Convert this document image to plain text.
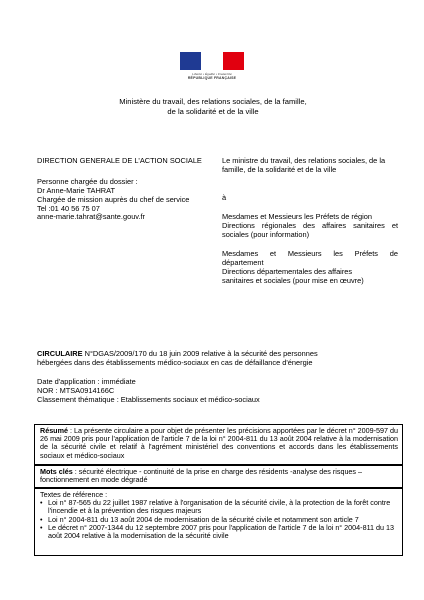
Liberté • Égalité • Fraternité
RÉPUBLIQUE FRANÇAISE
Ministère du travail, des relations sociales, de la famille,
de la solidarité et de la ville
DIRECTION GENERALE DE L'ACTION SOCIALE
Personne chargée du dossier :
Dr Anne-Marie TAHRAT
Chargée de mission auprès du chef de service
Tel :01 40 56 75 07
anne-marie.tahrat@sante.gouv.fr
Le ministre du travail, des relations sociales, de la
famille, de la solidarité et de la ville
à
Mesdames et Messieurs les Préfets de région
Directions régionales des affaires sanitaires et
sociales (pour information)
Mesdames et Messieurs les Préfets de
département
Directions départementales des affaires
sanitaires et sociales (pour mise en œuvre)
CIRCULAIRE N°DGAS/2009/170 du 18 juin 2009 relative à la sécurité des personnes
hébergées dans des établissements médico-sociaux en cas de défaillance d'énergie
Date d'application : immédiate
NOR : MTSA0914166C
Classement thématique : Etablissements sociaux et médico-sociaux
Résumé : La présente circulaire a pour objet de présenter les précisions apportées par le décret n° 2009-597 du 26 mai 2009 pris pour l'application de l'article 7 de la loi n° 2004-811 du 13 août 2004 relative à la modernisation de la sécurité civile et relatif à l'agrément ministériel des conventions et accords dans les établissements sociaux et médico-sociaux
Mots clés : sécurité électrique - continuité de la prise en charge des résidents -analyse des risques – fonctionnement en mode dégradé
Textes de référence :
• Loi n° 87-565 du 22 juillet 1987 relative à l'organisation de la sécurité civile, à la protection de la forêt contre l'incendie et à la prévention des risques majeurs
• Loi n° 2004-811 du 13 août 2004 de modernisation de la sécurité civile et notamment son article 7
• Le décret n° 2007-1344 du 12 septembre 2007 pris pour l'application de l'article 7 de la loi n° 2004-811 du 13 août 2004 relative à la modernisation de la sécurité civile
